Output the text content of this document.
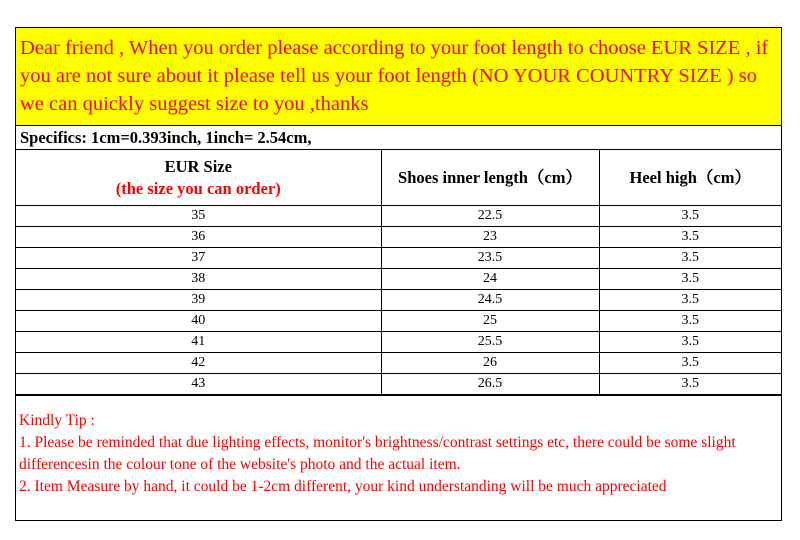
Dear friend , When you order please according to your foot length to choose EUR SIZE , if you are not sure about it please tell us your foot length (NO YOUR COUNTRY SIZE ) so we can quickly suggest size to you ,thanks
Specifics: 1cm=0.393inch, 1inch= 2.54cm,
EUR Size
(the size you can order)	Shoes inner length（cm）	Heel high（cm）
35	22.5	3.5
36	23	3.5
37	23.5	3.5
38	24	3.5
39	24.5	3.5
40	25	3.5
41	25.5	3.5
42	26	3.5
43	26.5	3.5
Kindly Tip :
1. Please be reminded that due lighting effects, monitor's brightness/contrast settings etc, there could be some slight differencesin the colour tone of the website's photo and the actual item.
2. Item Measure by hand, it could be 1-2cm different, your kind understanding will be much appreciated
